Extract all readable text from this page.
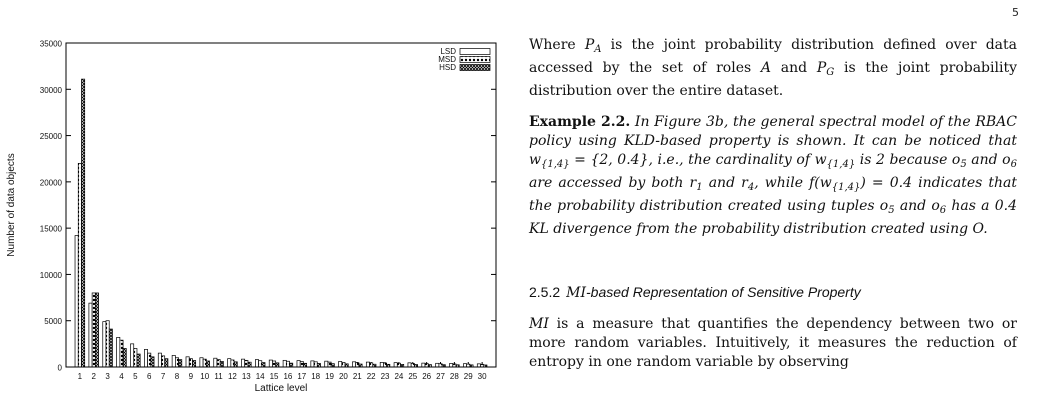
5
0
5000
10000
15000
20000
25000
30000
35000
1 2 3 4 5 6 7 8 9 10 11 12 13 14 15 16 17 18 19 20 21 22 23 24 25 26 27 28 29 30
Number of data objects
Lattice level
LSD
MSD
HSD

Where $P_A$ is the joint probability distribution defined over data accessed by the set of roles A and $P_G$ is the joint probability distribution over the entire dataset.

Example 2.2. In Figure 3b, the general spectral model of the RBAC policy using KLD-based property is shown. It can be noticed that $w_{\{1,4\}} = \{2$, 0.4}, i.e., the cardinality of $w_{\{1,4\}}$ is 2 because $o_5$ and $o_6$ are accessed by both $r_1$ and $r_4$, while $f(w_{\{1,4\}}) = 0.4$ indicates that the probability distribution created using tuples $o_5$ and $o_6$ has a 0.4 KL divergence from the probability distribution created using O.

2.5.2 MI-based Representation of Sensitive Property

MI is a measure that quantifies the dependency between two or more random variables. Intuitively, it measures the reduction of entropy in one random variable by observing
